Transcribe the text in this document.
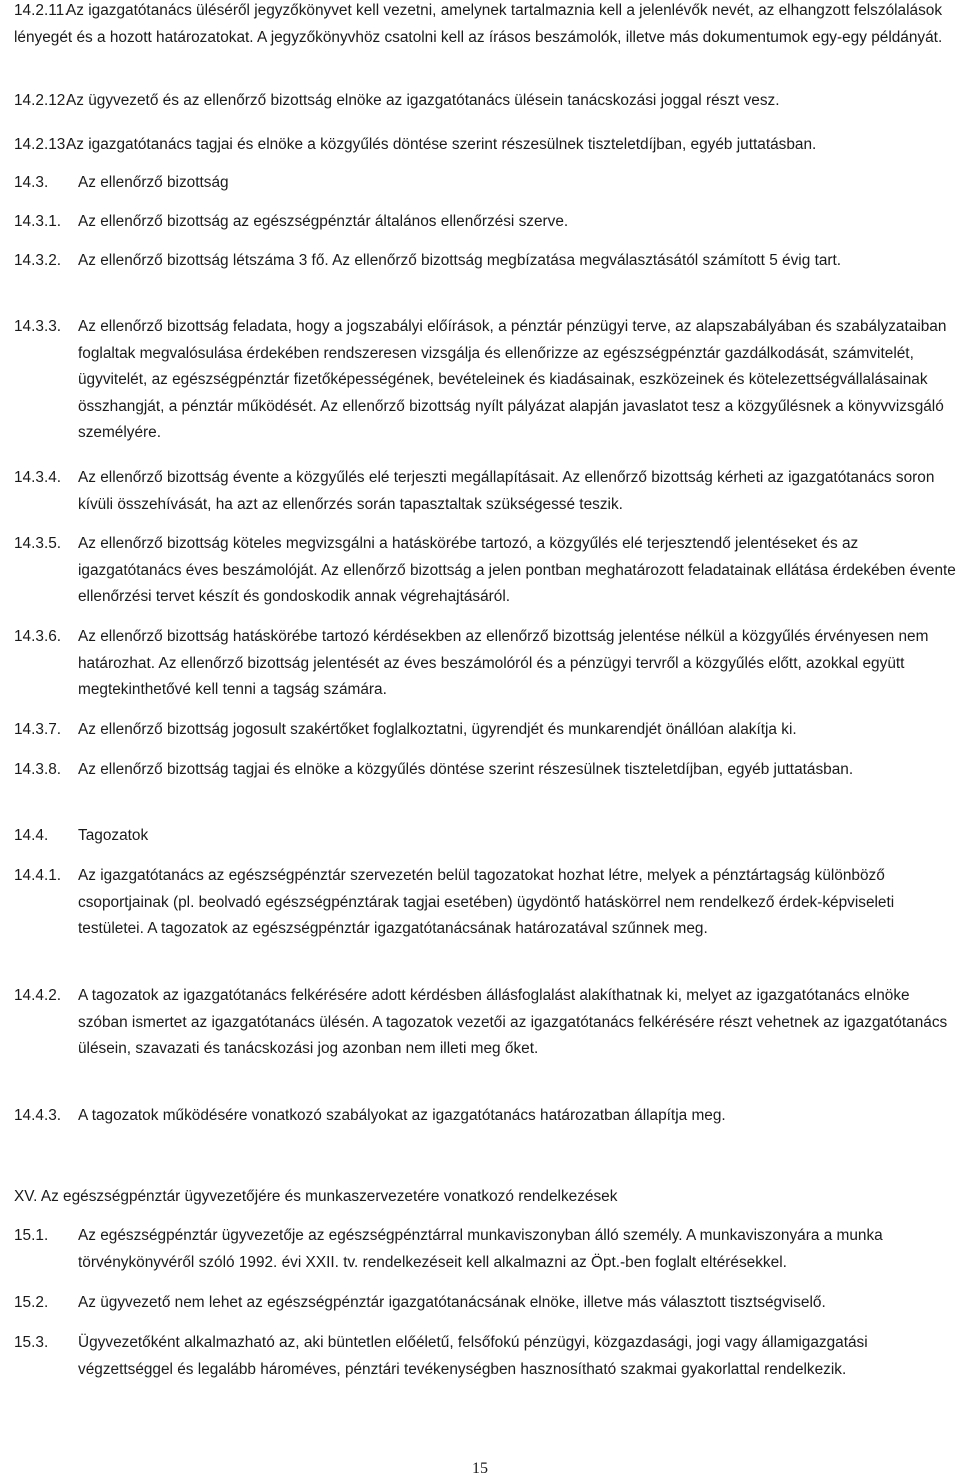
14.2.11.
Az igazgatótanács üléséről jegyzőkönyvet kell vezetni, amelynek tartalmaznia kell a jelenlévők nevét, az elhangzott felszólalások lényegét és a hozott határozatokat. A jegyzőkönyvhöz csatolni kell az írásos beszámolók, illetve más dokumentumok egy-egy példányát.
14.2.12.
Az ügyvezető és az ellenőrző bizottság elnöke az igazgatótanács ülésein tanácskozási joggal részt vesz.
14.2.13.
Az igazgatótanács tagjai és elnöke a közgyűlés döntése szerint részesülnek tiszteletdíjban, egyéb juttatásban.
14.3. Az ellenőrző bizottság
14.3.1. Az ellenőrző bizottság az egészségpénztár általános ellenőrzési szerve.
14.3.2. Az ellenőrző bizottság létszáma 3 fő. Az ellenőrző bizottság megbízatása megválasztásától számított 5 évig tart.
14.3.3. Az ellenőrző bizottság feladata, hogy a jogszabályi előírások, a pénztár pénzügyi terve, az alapszabályában és szabályzataiban foglaltak megvalósulása érdekében rendszeresen vizsgálja és ellenőrizze az egészségpénztár gazdálkodását, számvitelét, ügyvitelét, az egészségpénztár fizetőképességének, bevételeinek és kiadásainak, eszközeinek és kötelezettségvállalásainak összhangját, a pénztár működését. Az ellenőrző bizottság nyílt pályázat alapján javaslatot tesz a közgyűlésnek a könyvvizsgáló személyére.
14.3.4. Az ellenőrző bizottság évente a közgyűlés elé terjeszti megállapításait. Az ellenőrző bizottság kérheti az igazgatótanács soron kívüli összehívását, ha azt az ellenőrzés során tapasztaltak szükségessé teszik.
14.3.5. Az ellenőrző bizottság köteles megvizsgálni a hatáskörébe tartozó, a közgyűlés elé terjesztendő jelentéseket és az igazgatótanács éves beszámolóját. Az ellenőrző bizottság a jelen pontban meghatározott feladatainak ellátása érdekében évente ellenőrzési tervet készít és gondoskodik annak végrehajtásáról.
14.3.6. Az ellenőrző bizottság hatáskörébe tartozó kérdésekben az ellenőrző bizottság jelentése nélkül a közgyűlés érvényesen nem határozhat. Az ellenőrző bizottság jelentését az éves beszámolóról és a pénzügyi tervről a közgyűlés előtt, azokkal együtt megtekinthetővé kell tenni a tagság számára.
14.3.7. Az ellenőrző bizottság jogosult szakértőket foglalkoztatni, ügyrendjét és munkarendjét önállóan alakítja ki.
14.3.8. Az ellenőrző bizottság tagjai és elnöke a közgyűlés döntése szerint részesülnek tiszteletdíjban, egyéb juttatásban.
14.4. Tagozatok
14.4.1. Az igazgatótanács az egészségpénztár szervezetén belül tagozatokat hozhat létre, melyek a pénztártagság különböző csoportjainak (pl. beolvadó egészségpénztárak tagjai esetében) ügydöntő hatáskörrel nem rendelkező érdek-képviseleti testületei. A tagozatok az egészségpénztár igazgatótanácsának határozatával szűnnek meg.
14.4.2. A tagozatok az igazgatótanács felkérésére adott kérdésben állásfoglalást alakíthatnak ki, melyet az igazgatótanács elnöke szóban ismertet az igazgatótanács ülésén. A tagozatok vezetői az igazgatótanács felkérésére részt vehetnek az igazgatótanács ülésein, szavazati és tanácskozási jog azonban nem illeti meg őket.
14.4.3. A tagozatok működésére vonatkozó szabályokat az igazgatótanács határozatban állapítja meg.
XV. Az egészségpénztár ügyvezetőjére és munkaszervezetére vonatkozó rendelkezések
15.1. Az egészségpénztár ügyvezetője az egészségpénztárral munkaviszonyban álló személy. A munkaviszonyára a munka törvénykönyvéről szóló 1992. évi XXII. tv. rendelkezéseit kell alkalmazni az Öpt.-ben foglalt eltérésekkel.
15.2. Az ügyvezető nem lehet az egészségpénztár igazgatótanácsának elnöke, illetve más választott tisztségviselő.
15.3. Ügyvezetőként alkalmazható az, aki büntetlen előéletű, felsőfokú pénzügyi, közgazdasági, jogi vagy államigazgatási végzettséggel és legalább hároméves, pénztári tevékenységben hasznosítható szakmai gyakorlattal rendelkezik.
15
